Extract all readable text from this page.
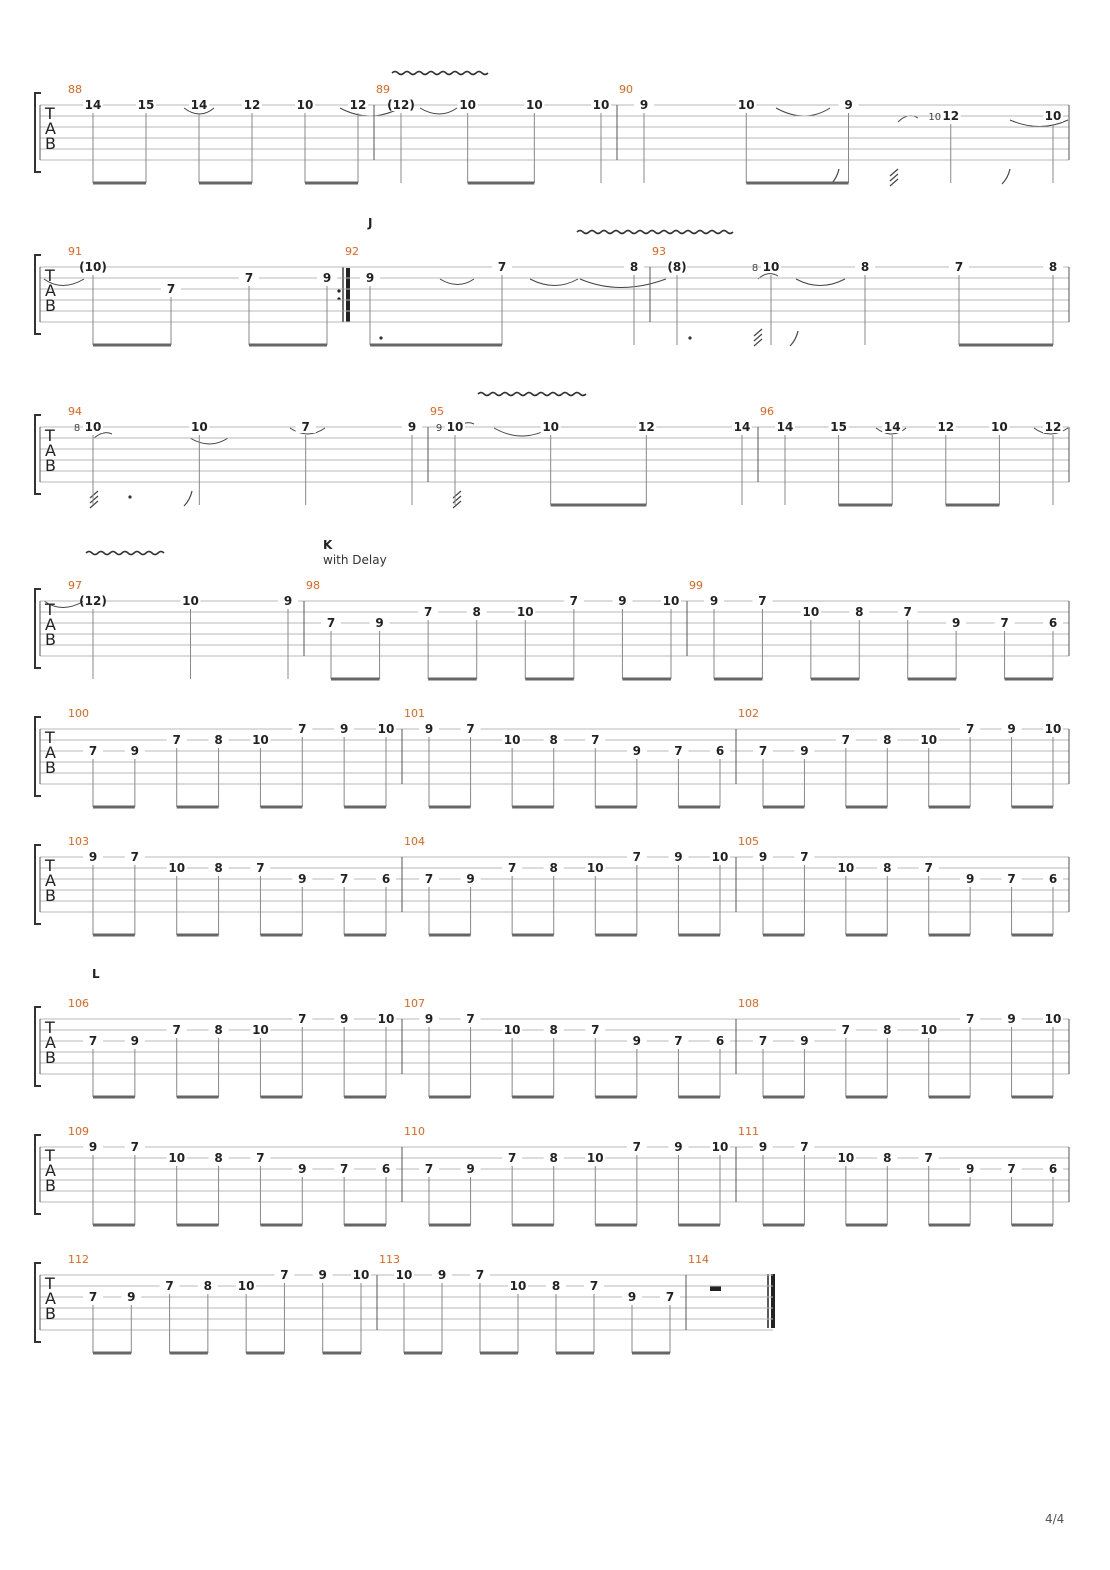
J
K
with Delay
L
4/4
T
A
B
88
14	15	14	12	10	12
89
(12)	10	10	10
90
9	10	9
12
10	10
T
A
B
91
(10)
7
7	9
92
9
7	8
93
(8)	10
8	8	7	8
T
A
B
94
10
8	10	7	9
95
10
9	10	12	14
96
14	15	14	12	10	12
T
A
B
97
(12)	10	9
98
7	9
7	8	10
7	9	10
99
9	7
10	8	7
9	7	6
T
A
B
100
7	9
7	8 10
7	9 10
101
9	7
10 8	7
9	7	6
102
7	9
7	8 10
7	9 10
T
A
B
103
9	7
10 8	7
9	7	6
104
7	9
7	8 10
7	9 10
105
9	7
10 8	7
9	7	6
T
A
B
106
7	9
7	8 10
7	9 10
107
9	7
10 8	7
9	7	6
108
7	9
7	8 10
7	9 10
T
A
B
109
9	7
10 8	7
9	7	6
110
7	9
7	8 10
7	9 10
111
9	7
10 8	7
9	7	6
T
A
B
112
7 9
7 8 10
7 9 10
113
10 9 7
10 8 7
9 7
114
